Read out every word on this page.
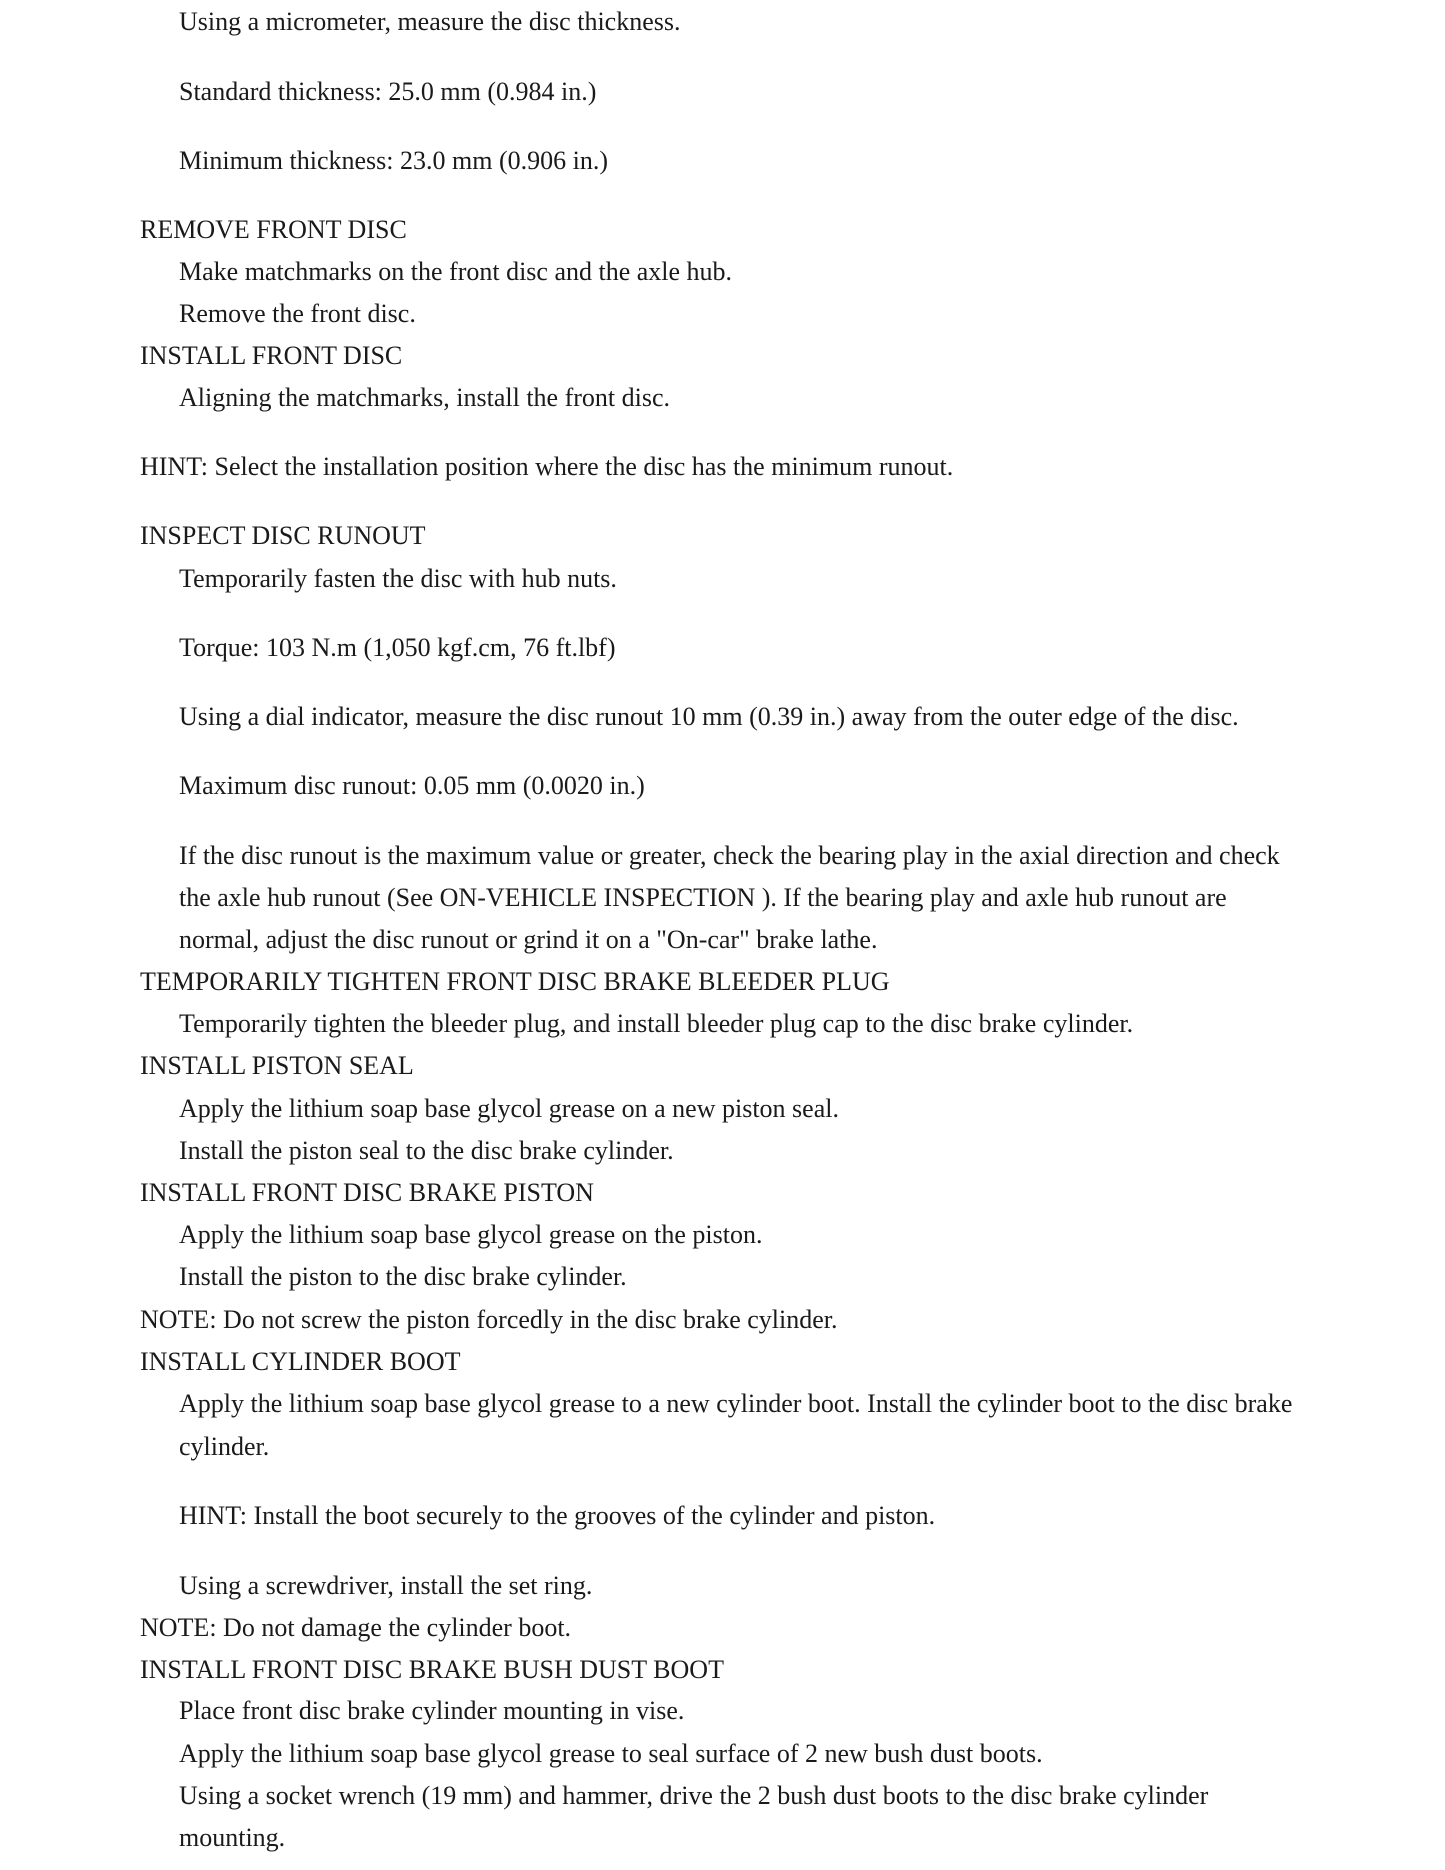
Using a micrometer, measure the disc thickness.
Standard thickness: 25.0 mm (0.984 in.)
Minimum thickness: 23.0 mm (0.906 in.)
REMOVE FRONT DISC
Make matchmarks on the front disc and the axle hub.
Remove the front disc.
INSTALL FRONT DISC
Aligning the matchmarks, install the front disc.
HINT: Select the installation position where the disc has the minimum runout.
INSPECT DISC RUNOUT
Temporarily fasten the disc with hub nuts.
Torque: 103 N.m (1,050 kgf.cm, 76 ft.lbf)
Using a dial indicator, measure the disc runout 10 mm (0.39 in.) away from the outer edge of the disc.
Maximum disc runout: 0.05 mm (0.0020 in.)
If the disc runout is the maximum value or greater, check the bearing play in the axial direction and check
the axle hub runout (See ON-VEHICLE INSPECTION ). If the bearing play and axle hub runout are
normal, adjust the disc runout or grind it on a "On-car" brake lathe.
TEMPORARILY TIGHTEN FRONT DISC BRAKE BLEEDER PLUG
Temporarily tighten the bleeder plug, and install bleeder plug cap to the disc brake cylinder.
INSTALL PISTON SEAL
Apply the lithium soap base glycol grease on a new piston seal.
Install the piston seal to the disc brake cylinder.
INSTALL FRONT DISC BRAKE PISTON
Apply the lithium soap base glycol grease on the piston.
Install the piston to the disc brake cylinder.
NOTE: Do not screw the piston forcedly in the disc brake cylinder.
INSTALL CYLINDER BOOT
Apply the lithium soap base glycol grease to a new cylinder boot. Install the cylinder boot to the disc brake
cylinder.
HINT: Install the boot securely to the grooves of the cylinder and piston.
Using a screwdriver, install the set ring.
NOTE: Do not damage the cylinder boot.
INSTALL FRONT DISC BRAKE BUSH DUST BOOT
Place front disc brake cylinder mounting in vise.
Apply the lithium soap base glycol grease to seal surface of 2 new bush dust boots.
Using a socket wrench (19 mm) and hammer, drive the 2 bush dust boots to the disc brake cylinder
mounting.
